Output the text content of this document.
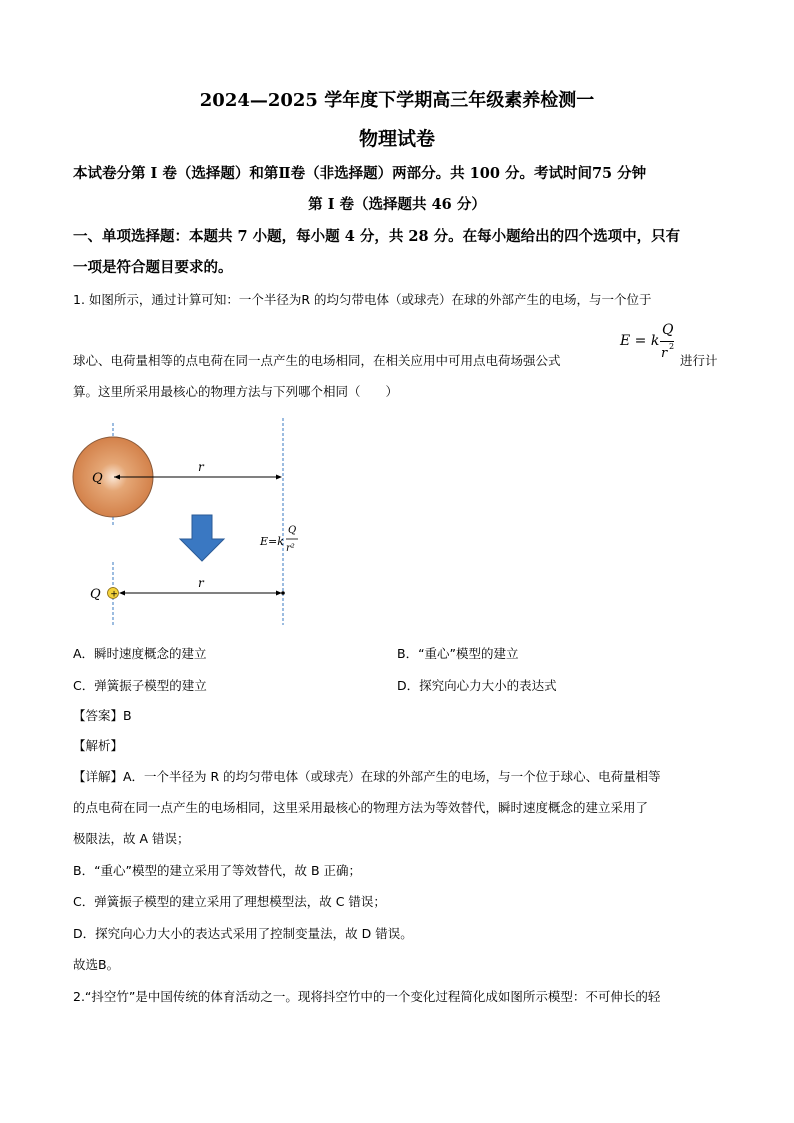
2024—2025 学年度下学期高三年级素养检测一
物理试卷
本试卷分第 I 卷（选择题）和第Ⅱ卷（非选择题）两部分。共 100 分。考试时间75 分钟
第 I 卷（选择题共 46 分）
一、单项选择题：本题共 7 小题，每小题 4 分，共 28 分。在每小题给出的四个选项中，只有
一项是符合题目要求的。
1. 如图所示，通过计算可知：一个半径为R 的均匀带电体（或球壳）在球的外部产生的电场，与一个位于
E = k
Q
r 2
球心、电荷量相等的点电荷在同一点产生的电场相同，在相关应用中可用点电荷场强公式	进行计
算。这里所采用最核心的物理方法与下列哪个相同（　　）
Q
r
E=k
Q
r²
+
Q
r
A．瞬时速度概念的建立	B．“重心”模型的建立
C．弹簧振子模型的建立	D．探究向心力大小的表达式
【答案】B
【解析】
【详解】A．一个半径为 R 的均匀带电体（或球壳）在球的外部产生的电场，与一个位于球心、电荷量相等
的点电荷在同一点产生的电场相同，这里采用最核心的物理方法为等效替代，瞬时速度概念的建立采用了
极限法，故 A 错误；
B．“重心”模型的建立采用了等效替代，故 B 正确；
C．弹簧振子模型的建立采用了理想模型法，故 C 错误；
D．探究向心力大小的表达式采用了控制变量法，故 D 错误。
故选B。
2.“抖空竹”是中国传统的体育活动之一。现将抖空竹中的一个变化过程简化成如图所示模型：不可伸长的轻
